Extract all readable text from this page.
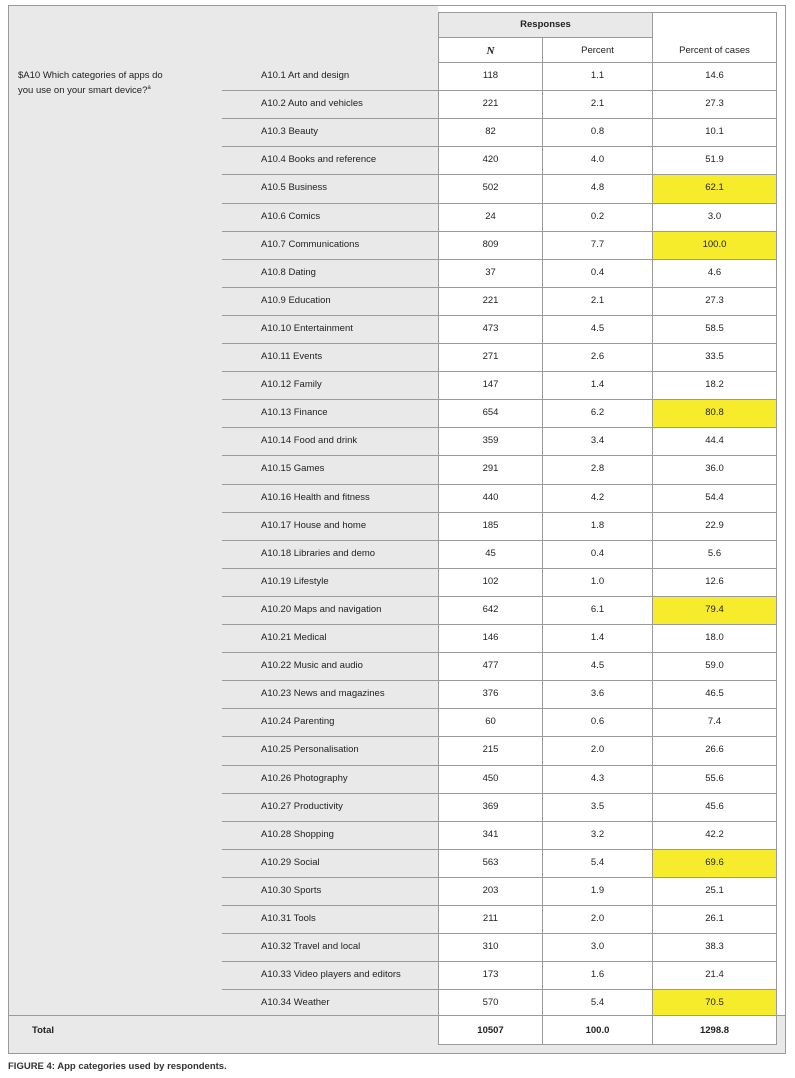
Responses
N	Percent	Percent of cases
$A10 Which categories of apps do
you use on your smart device?$^a$
A10.1 Art and design	118	1.1	14.6
A10.2 Auto and vehicles	221	2.1	27.3
A10.3 Beauty	82	0.8	10.1
A10.4 Books and reference	420	4.0	51.9
A10.5 Business	502	4.8	62.1
A10.6 Comics	24	0.2	3.0
A10.7 Communications	809	7.7	100.0
A10.8 Dating	37	0.4	4.6
A10.9 Education	221	2.1	27.3
A10.10 Entertainment	473	4.5	58.5
A10.11 Events	271	2.6	33.5
A10.12 Family	147	1.4	18.2
A10.13 Finance	654	6.2	80.8
A10.14 Food and drink	359	3.4	44.4
A10.15 Games	291	2.8	36.0
A10.16 Health and fitness	440	4.2	54.4
A10.17 House and home	185	1.8	22.9
A10.18 Libraries and demo	45	0.4	5.6
A10.19 Lifestyle	102	1.0	12.6
A10.20 Maps and navigation	642	6.1	79.4
A10.21 Medical	146	1.4	18.0
A10.22 Music and audio	477	4.5	59.0
A10.23 News and magazines	376	3.6	46.5
A10.24 Parenting	60	0.6	7.4
A10.25 Personalisation	215	2.0	26.6
A10.26 Photography	450	4.3	55.6
A10.27 Productivity	369	3.5	45.6
A10.28 Shopping	341	3.2	42.2
A10.29 Social	563	5.4	69.6
A10.30 Sports	203	1.9	25.1
A10.31 Tools	211	2.0	26.1
A10.32 Travel and local	310	3.0	38.3
A10.33 Video players and editors	173	1.6	21.4
A10.34 Weather	570	5.4	70.5
Total	10507	100.0	1298.8
FIGURE 4: App categories used by respondents.
